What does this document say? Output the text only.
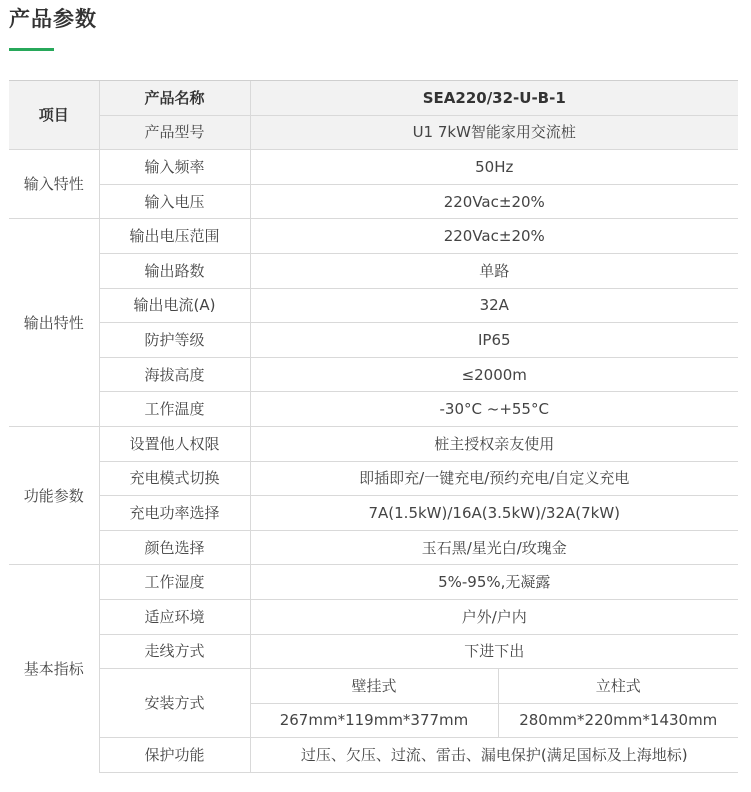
产品参数
项目	产品名称	SEA220/32-U-B-1	
	产品型号	U1 7kW智能家用交流桩	
输入特性	输入频率	50Hz	
	输入电压	220Vac±20%	
输出特性	输出电压范围	220Vac±20%	
	输出路数	单路	
	输出电流(A)	32A	
	防护等级	IP65	
	海拔高度	≤2000m	
	工作温度	-30°C ~+55°C	
功能参数	设置他人权限	桩主授权亲友使用	
	充电模式切换	即插即充/一键充电/预约充电/自定义充电	
	充电功率选择	7A(1.5kW)/16A(3.5kW)/32A(7kW)	
	颜色选择	玉石黑/星光白/玫瑰金	
基本指标	工作湿度	5%-95%,无凝露	
	适应环境	户外/户内	
	走线方式	下进下出	
	安装方式	壁挂式	立柱式
		267mm*119mm*377mm	280mm*220mm*1430mm
	保护功能	过压、欠压、过流、雷击、漏电保护(满足国标及上海地标)	
